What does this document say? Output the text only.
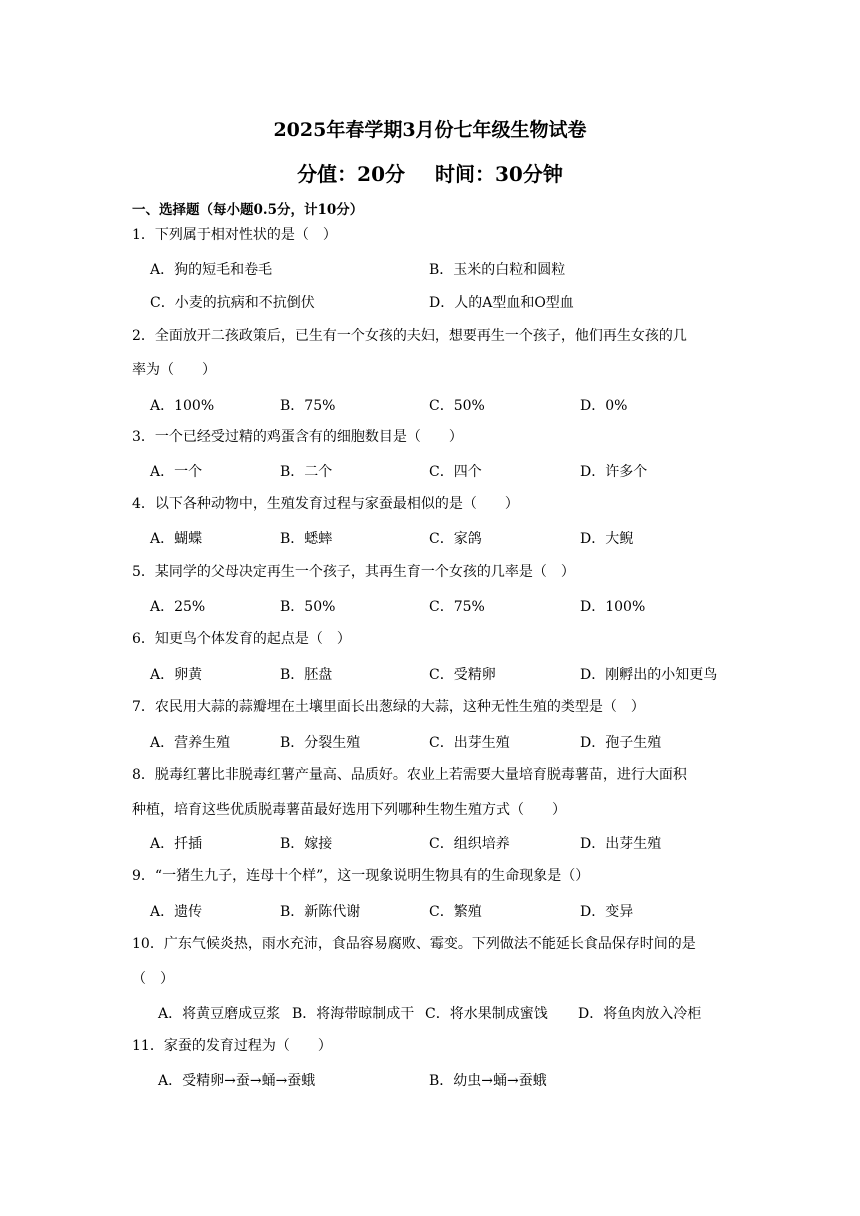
2025年春学期3月份七年级生物试卷
分值：20分 时间：30分钟
一、选择题（每小题0.5分，计10分）
1．下列属于相对性状的是（　）
A．狗的短毛和卷毛	B．玉米的白粒和圆粒
C．小麦的抗病和不抗倒伏	D．人的A型血和O型血
2．全面放开二孩政策后，已生有一个女孩的夫妇，想要再生一个孩子，他们再生女孩的几
率为（　　）
A．100%	B．75%	C．50%	D．0%
3．一个已经受过精的鸡蛋含有的细胞数目是（　　）
A．一个	B．二个	C．四个	D．许多个
4．以下各种动物中，生殖发育过程与家蚕最相似的是（　　）
A．蝴蝶	B．蟋蟀	C．家鸽	D．大鲵
5．某同学的父母决定再生一个孩子，其再生育一个女孩的几率是（　）
A．25%	B．50%	C．75%	D．100%
6．知更鸟个体发育的起点是（　）
A．卵黄	B．胚盘	C．受精卵	D．刚孵出的小知更鸟
7．农民用大蒜的蒜瓣埋在土壤里面长出葱绿的大蒜，这种无性生殖的类型是（　）
A．营养生殖	B．分裂生殖	C．出芽生殖	D．孢子生殖
8．脱毒红薯比非脱毒红薯产量高、品质好。农业上若需要大量培育脱毒薯苗，进行大面积
种植，培育这些优质脱毒薯苗最好选用下列哪种生物生殖方式（　　）
A．扦插	B．嫁接	C．组织培养	D．出芽生殖
9．“一猪生九子，连母十个样”，这一现象说明生物具有的生命现象是（）
A．遗传	B．新陈代谢	C．繁殖	D．变异
10．广东气候炎热，雨水充沛，食品容易腐败、霉变。下列做法不能延长食品保存时间的是
（　）
A．将黄豆磨成豆浆 B．将海带晾制成干 C．将水果制成蜜饯 D．将鱼肉放入冷柜
11．家蚕的发育过程为（　　）
A．受精卵→蚕→蛹→蚕蛾	B．幼虫→蛹→蚕蛾
